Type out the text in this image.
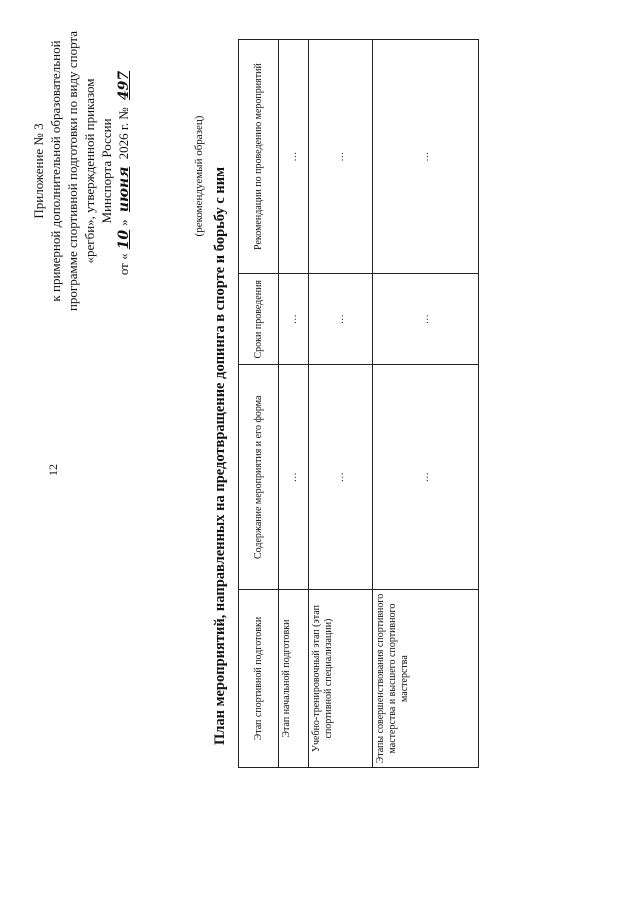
12
Приложение № 3 к примерной дополнительной образовательной программе спортивной подготовки по виду спорта «регби», утвержденной приказом Минспорта России
от «10» июня 2026 г. № 497
(рекомендуемый образец) План мероприятий, направленных на предотвращение допинга в спорте и борьбу с ним Этап спортивной подготовки	Содержание мероприятия и его форма	Сроки проведения	Рекомендации по проведению мероприятий
Этап начальной подготовки	…	…	…
Учебно-тренировочный этап (этап спортивной специализации)	…	…	…
Этапы совершенствования спортивного мастерства и высшего спортивного мастерства	…	…	…
